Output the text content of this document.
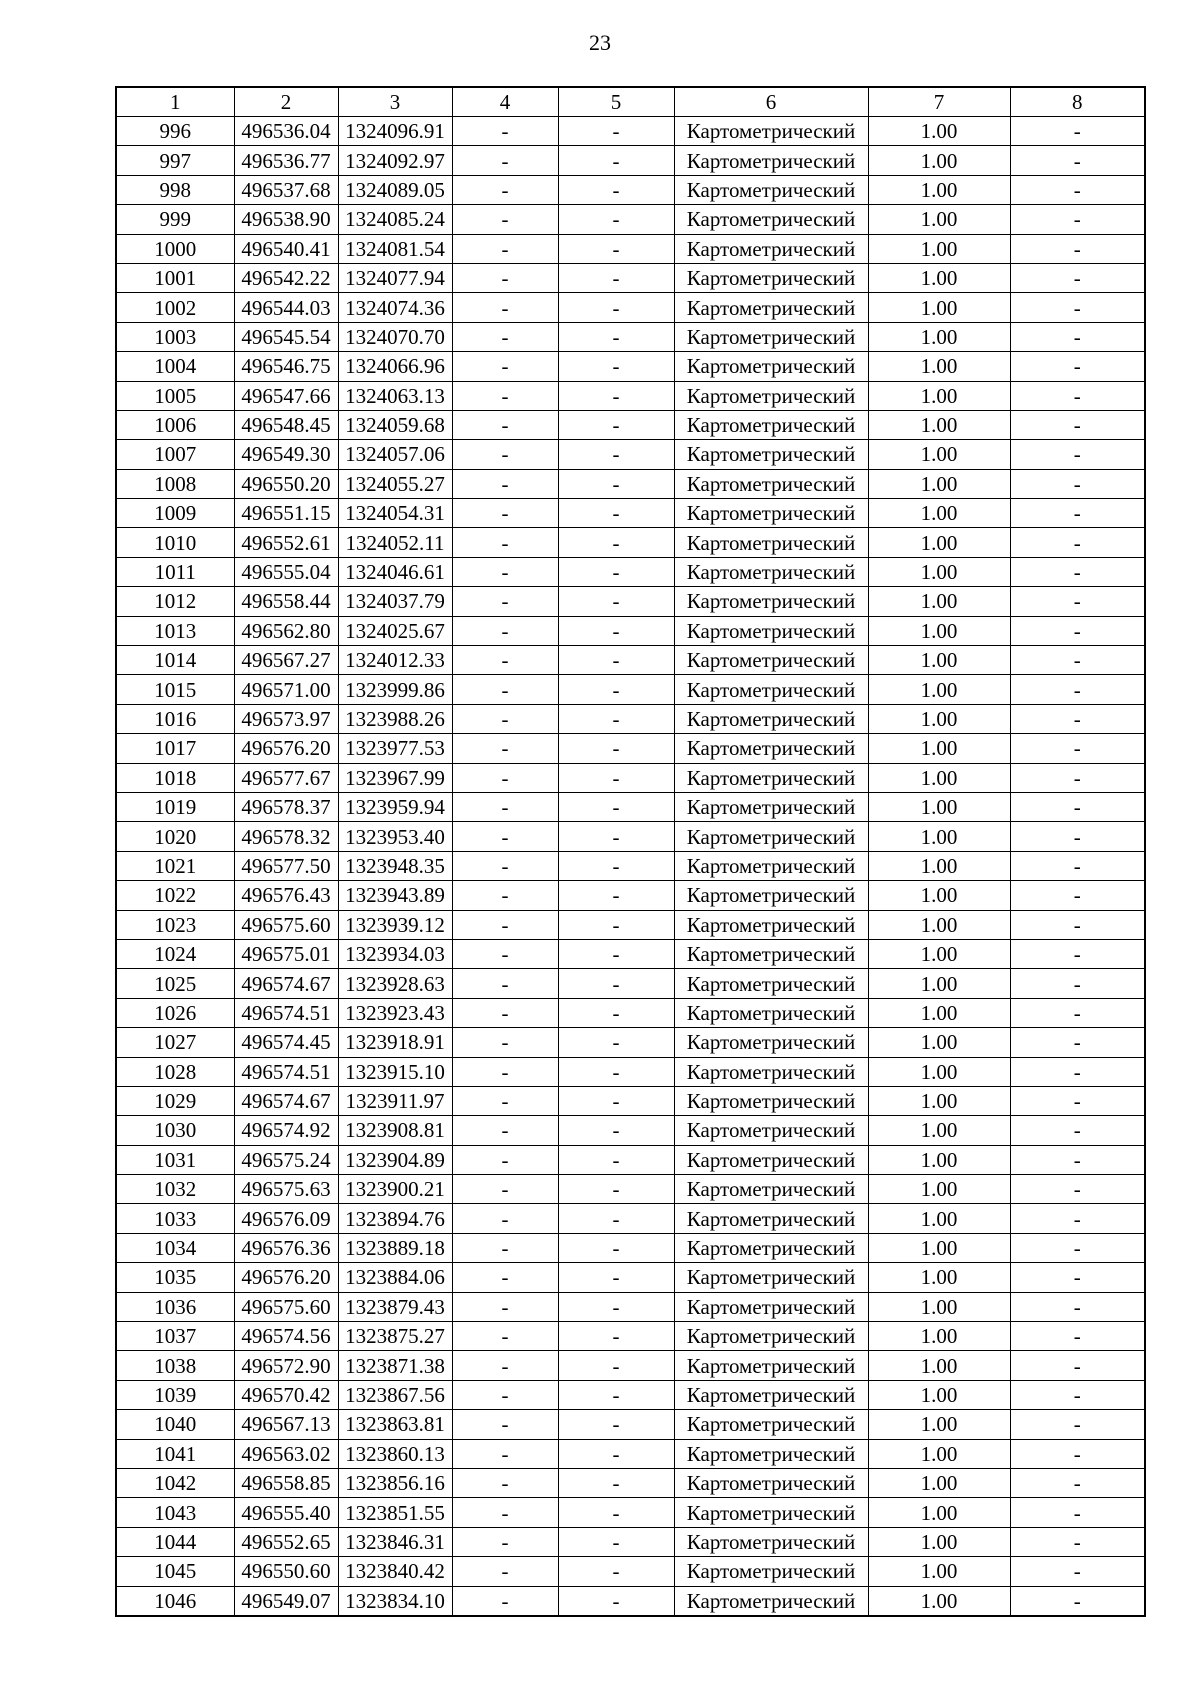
23
1	2	3	4	5	6	7	8
996	496536.04	1324096.91	-	-	Картометрический	1.00	-
997	496536.77	1324092.97	-	-	Картометрический	1.00	-
998	496537.68	1324089.05	-	-	Картометрический	1.00	-
999	496538.90	1324085.24	-	-	Картометрический	1.00	-
1000	496540.41	1324081.54	-	-	Картометрический	1.00	-
1001	496542.22	1324077.94	-	-	Картометрический	1.00	-
1002	496544.03	1324074.36	-	-	Картометрический	1.00	-
1003	496545.54	1324070.70	-	-	Картометрический	1.00	-
1004	496546.75	1324066.96	-	-	Картометрический	1.00	-
1005	496547.66	1324063.13	-	-	Картометрический	1.00	-
1006	496548.45	1324059.68	-	-	Картометрический	1.00	-
1007	496549.30	1324057.06	-	-	Картометрический	1.00	-
1008	496550.20	1324055.27	-	-	Картометрический	1.00	-
1009	496551.15	1324054.31	-	-	Картометрический	1.00	-
1010	496552.61	1324052.11	-	-	Картометрический	1.00	-
1011	496555.04	1324046.61	-	-	Картометрический	1.00	-
1012	496558.44	1324037.79	-	-	Картометрический	1.00	-
1013	496562.80	1324025.67	-	-	Картометрический	1.00	-
1014	496567.27	1324012.33	-	-	Картометрический	1.00	-
1015	496571.00	1323999.86	-	-	Картометрический	1.00	-
1016	496573.97	1323988.26	-	-	Картометрический	1.00	-
1017	496576.20	1323977.53	-	-	Картометрический	1.00	-
1018	496577.67	1323967.99	-	-	Картометрический	1.00	-
1019	496578.37	1323959.94	-	-	Картометрический	1.00	-
1020	496578.32	1323953.40	-	-	Картометрический	1.00	-
1021	496577.50	1323948.35	-	-	Картометрический	1.00	-
1022	496576.43	1323943.89	-	-	Картометрический	1.00	-
1023	496575.60	1323939.12	-	-	Картометрический	1.00	-
1024	496575.01	1323934.03	-	-	Картометрический	1.00	-
1025	496574.67	1323928.63	-	-	Картометрический	1.00	-
1026	496574.51	1323923.43	-	-	Картометрический	1.00	-
1027	496574.45	1323918.91	-	-	Картометрический	1.00	-
1028	496574.51	1323915.10	-	-	Картометрический	1.00	-
1029	496574.67	1323911.97	-	-	Картометрический	1.00	-
1030	496574.92	1323908.81	-	-	Картометрический	1.00	-
1031	496575.24	1323904.89	-	-	Картометрический	1.00	-
1032	496575.63	1323900.21	-	-	Картометрический	1.00	-
1033	496576.09	1323894.76	-	-	Картометрический	1.00	-
1034	496576.36	1323889.18	-	-	Картометрический	1.00	-
1035	496576.20	1323884.06	-	-	Картометрический	1.00	-
1036	496575.60	1323879.43	-	-	Картометрический	1.00	-
1037	496574.56	1323875.27	-	-	Картометрический	1.00	-
1038	496572.90	1323871.38	-	-	Картометрический	1.00	-
1039	496570.42	1323867.56	-	-	Картометрический	1.00	-
1040	496567.13	1323863.81	-	-	Картометрический	1.00	-
1041	496563.02	1323860.13	-	-	Картометрический	1.00	-
1042	496558.85	1323856.16	-	-	Картометрический	1.00	-
1043	496555.40	1323851.55	-	-	Картометрический	1.00	-
1044	496552.65	1323846.31	-	-	Картометрический	1.00	-
1045	496550.60	1323840.42	-	-	Картометрический	1.00	-
1046	496549.07	1323834.10	-	-	Картометрический	1.00	-
